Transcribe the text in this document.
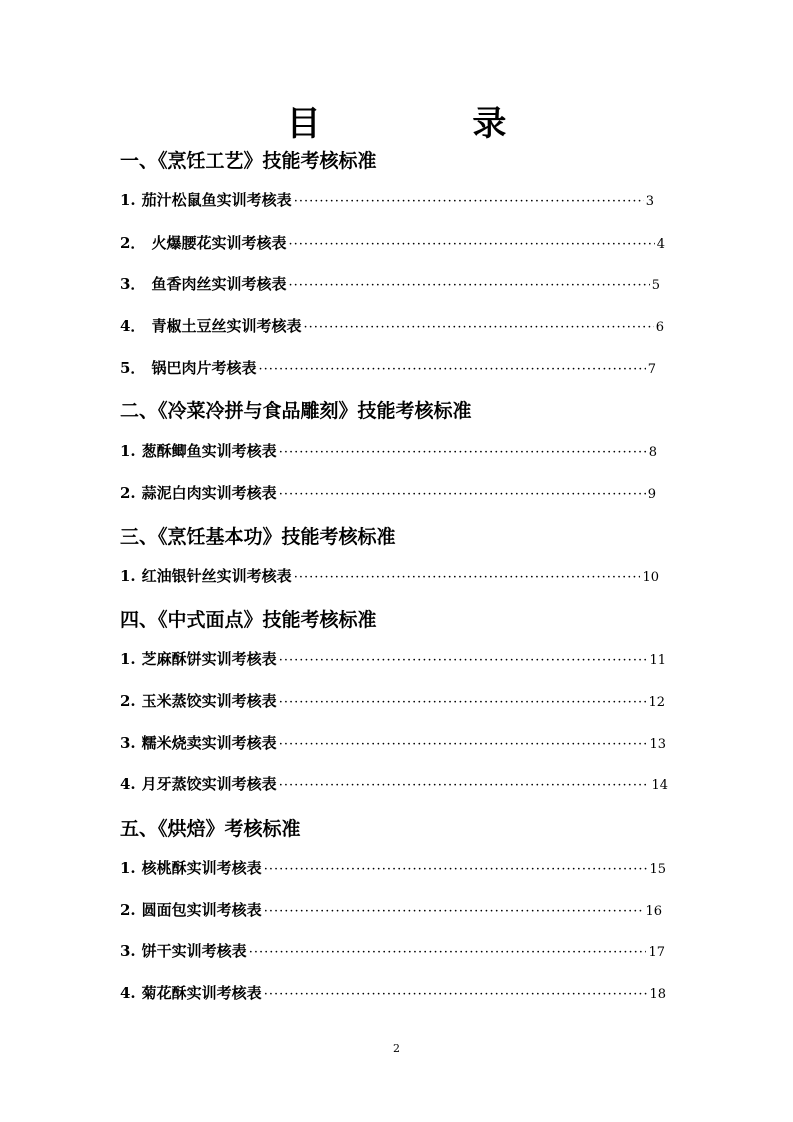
目 录
一、《烹饪工艺》技能考核标准
1. 茄汁松鼠鱼实训考核表 ·····	3
2． 火爆腰花实训考核表 ·····	4
3． 鱼香肉丝实训考核表 ·····	5
4． 青椒土豆丝实训考核表 ·····	6
5． 锅巴肉片考核表 ·····	7
二、《冷菜冷拼与食品雕刻》技能考核标准
1. 葱酥鲫鱼实训考核表 ·····	8
2. 蒜泥白肉实训考核表 ·····	9
三、《烹饪基本功》技能考核标准
1. 红油银针丝实训考核表 ·····	10
四、《中式面点》技能考核标准
1. 芝麻酥饼实训考核表 ·····	11
2. 玉米蒸饺实训考核表 ·····	12
3. 糯米烧卖实训考核表 ·····	13
4. 月牙蒸饺实训考核表 ·····	14
五、《烘焙》考核标准
1. 核桃酥实训考核表 ·····	15
2. 圆面包实训考核表 ·····	16
3. 饼干实训考核表 ·····	17
4. 菊花酥实训考核表 ·····	18
2
